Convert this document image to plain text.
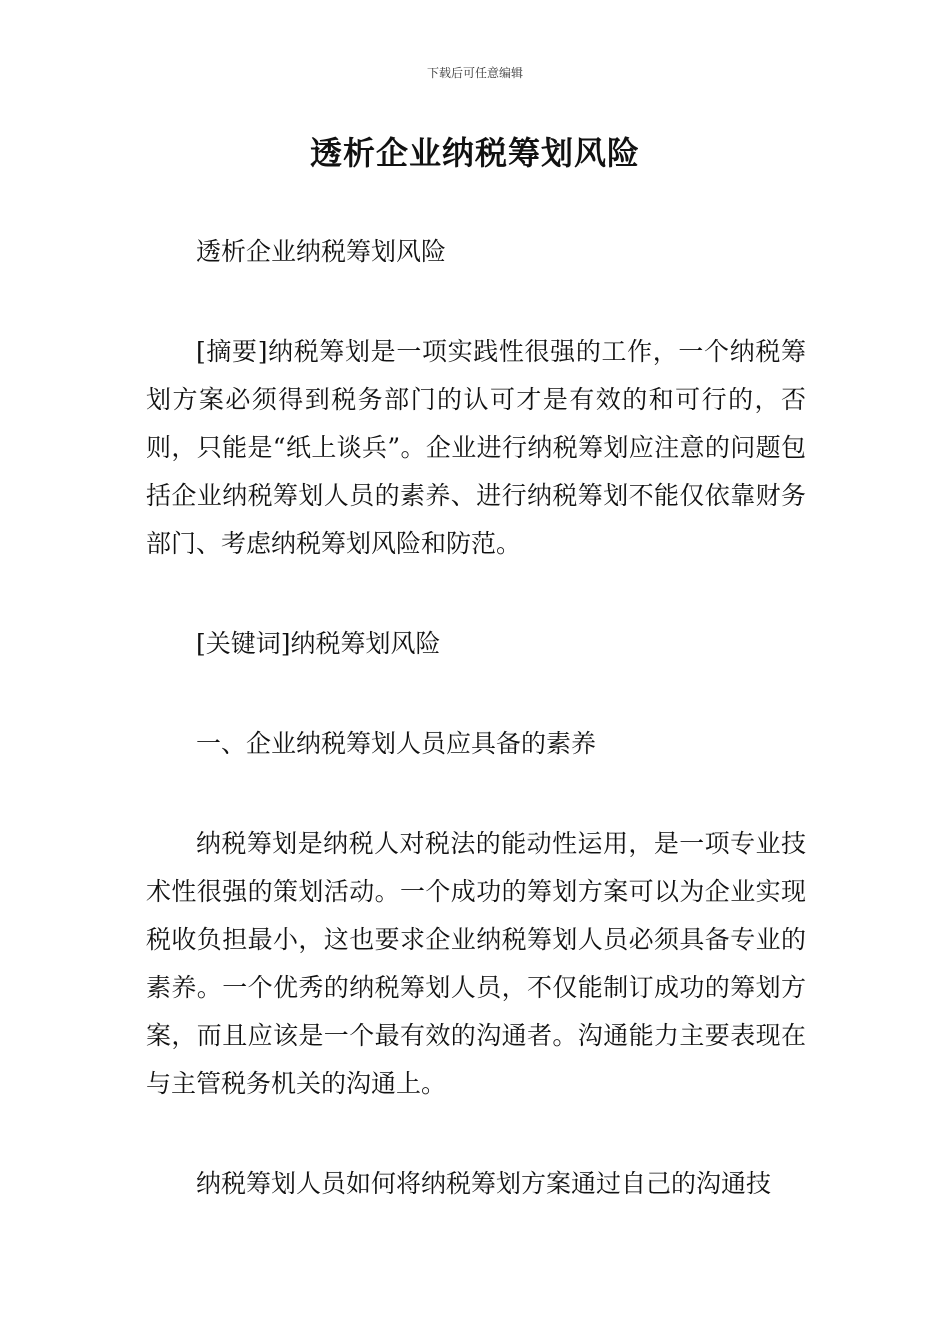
下载后可任意编辑
透析企业纳税筹划风险

透析企业纳税筹划风险

[摘要]纳税筹划是一项实践性很强的工作，一个纳税筹划方案必须得到税务部门的认可才是有效的和可行的，否则，只能是“纸上谈兵”。企业进行纳税筹划应注意的问题包括企业纳税筹划人员的素养、进行纳税筹划不能仅依靠财务部门、考虑纳税筹划风险和防范。

[关键词]纳税筹划风险

一、企业纳税筹划人员应具备的素养

纳税筹划是纳税人对税法的能动性运用，是一项专业技术性很强的策划活动。一个成功的筹划方案可以为企业实现税收负担最小，这也要求企业纳税筹划人员必须具备专业的素养。一个优秀的纳税筹划人员，不仅能制订成功的筹划方案，而且应该是一个最有效的沟通者。沟通能力主要表现在与主管税务机关的沟通上。

纳税筹划人员如何将纳税筹划方案通过自己的沟通技
